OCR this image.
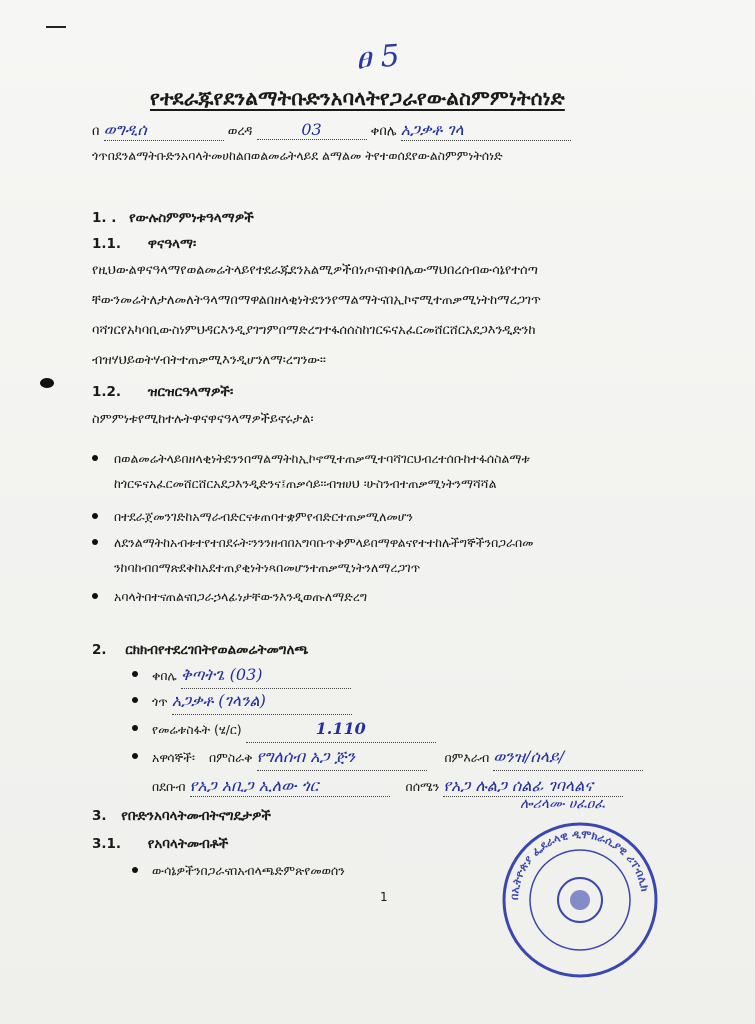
ፀ 5
የተደራጁየደንልማትቡድንአባላትየጋራየውልስምምነትሰነድ
በ ወግዲሰ	ወረዳ	03	ቀበሌ አጋቃቶ ገላ
ጎጥበደንልማትቡድንአባላትመሀከልበወልመሬትላይደ ልማልመ ትየተወሰደየውልስምምነትሰነድ
1. . የውሉስምምነቱዓላማዎች
1.1. ዋናዓላማ፡
የዚህውልዋናዓላማየወልመሬትላይየተደራጁደንአልሚዎችበነጦናበቀበሌውማህበረሰብውሳኔየተሰጣ
ቸውንመሬትለታለመለትዓላማበማዋልበዘላቂነትደንንየማልማትናበኢኮኖሚተጠቃሚነትከማረጋገጥ
ባሻገርየአካባቢውስነምህዳርእንዲያገግምበማድረግተፋሰሰስከገርፍናአፈርመሸርሸርአደጋእንዲድንከ
ብዝሃህይወትሃብትተጠቃሚእንዲሆንለማ፡ረግንው።
1.2. ዝርዝርዓላማዎች፡
ስምምነቱየሚከተሉትዋናዋናዓላማዎችይኖሩታል፡
በወልመሬትላይበዘላቂነትደንንበማልማትከኢኮኖሚተጠቃሚተባሻገርህብረተሰቡከተፋሰስልማቱ
ከጎርፍናአፈርመሸርሸርአደጋእንዲድንና፤ጠቃሳይ፡፡ብዝሀህ ፡ሁስንብተጠቃሚነትንማሻሻል
በተደራጀመንገድከአማራብድርናቱጠባተቋምየብድርተጠቃሚለመሆን
ለደንልማትከአብቱተየተበደሩት፡ንንንዘብበአግባቡጥቅምላይበማዋልናየተተከሉችግኞችንበጋራበመ
ንከባከብበማጽደቅከአደተጠያቂነትነጻበመሆንተጠቃሚነትንለማረጋገጥ
አባላትበተናጠልናበጋራኃላፊነታቸውንእንዲወጡለማድረግ
2. ርክክብየተደረገበትየወልመሬትመግለጫ
ቀበሌ ቅጣትጌ (03)
ጎጥ አጋቃቶ (ገላንል)
የመሬቱስፋት (ሄ/ር)	1.110
አዋሳኞች፡ በምስራቅ የግለሰብ አጋ ጅን	በምእራብ ወንዝ/ሰላይ/
በደቡብ የአጋ አቢጋ ኢለው ጎር	በሰሜን የአጋ ሉልጋ ሰልፊ ገባላልና
ሎሪላሙ ሀፈዐፈ
3. የቡድንአባላትመብትናግዴታዎች
3.1. የአባላትመብቶች
ውሳኔዎችንበጋራናበአብላጫድምጽየመወሰን
1	በኢትዮጵያ ፌደራላዊ ዲሞክራሲያዊ ሪፐብሊክ
